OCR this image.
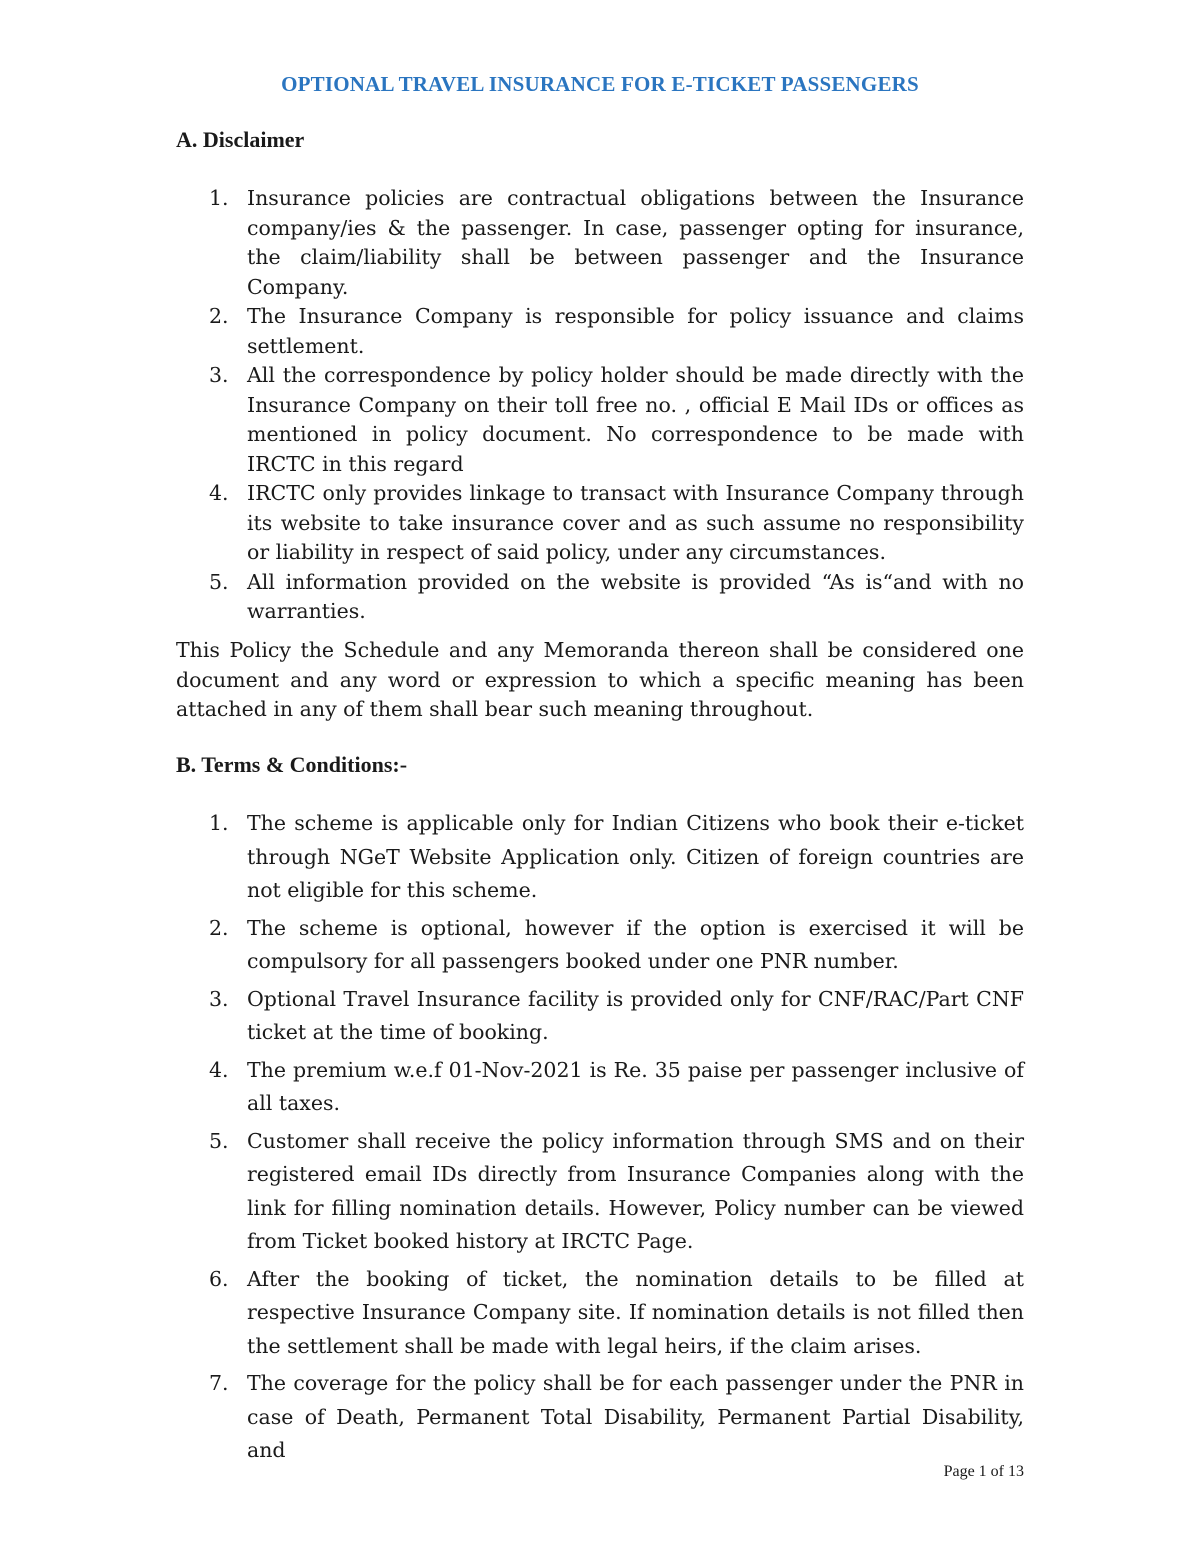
OPTIONAL TRAVEL INSURANCE FOR E-TICKET PASSENGERS
A. Disclaimer
1. Insurance policies are contractual obligations between the Insurance company/ies & the passenger. In case, passenger opting for insurance, the claim/liability shall be between passenger and the Insurance Company.
2. The Insurance Company is responsible for policy issuance and claims settlement.
3. All the correspondence by policy holder should be made directly with the Insurance Company on their toll free no. , official E Mail IDs or offices as mentioned in policy document. No correspondence to be made with IRCTC in this regard
4. IRCTC only provides linkage to transact with Insurance Company through its website to take insurance cover and as such assume no responsibility or liability in respect of said policy, under any circumstances.
5. All information provided on the website is provided “As is“and with no warranties.

This Policy the Schedule and any Memoranda thereon shall be considered one document and any word or expression to which a specific meaning has been attached in any of them shall bear such meaning throughout.

B. Terms & Conditions:-
1. The scheme is applicable only for Indian Citizens who book their e-ticket through NGeT Website Application only. Citizen of foreign countries are not eligible for this scheme.
2. The scheme is optional, however if the option is exercised it will be compulsory for all passengers booked under one PNR number.
3. Optional Travel Insurance facility is provided only for CNF/RAC/Part CNF ticket at the time of booking.
4. The premium w.e.f 01-Nov-2021 is Re. 35 paise per passenger inclusive of all taxes.
5. Customer shall receive the policy information through SMS and on their registered email IDs directly from Insurance Companies along with the link for filling nomination details. However, Policy number can be viewed from Ticket booked history at IRCTC Page.
6. After the booking of ticket, the nomination details to be filled at respective Insurance Company site. If nomination details is not filled then the settlement shall be made with legal heirs, if the claim arises.
7. The coverage for the policy shall be for each passenger under the PNR in case of Death, Permanent Total Disability, Permanent Partial Disability, and
Page 1 of 13
